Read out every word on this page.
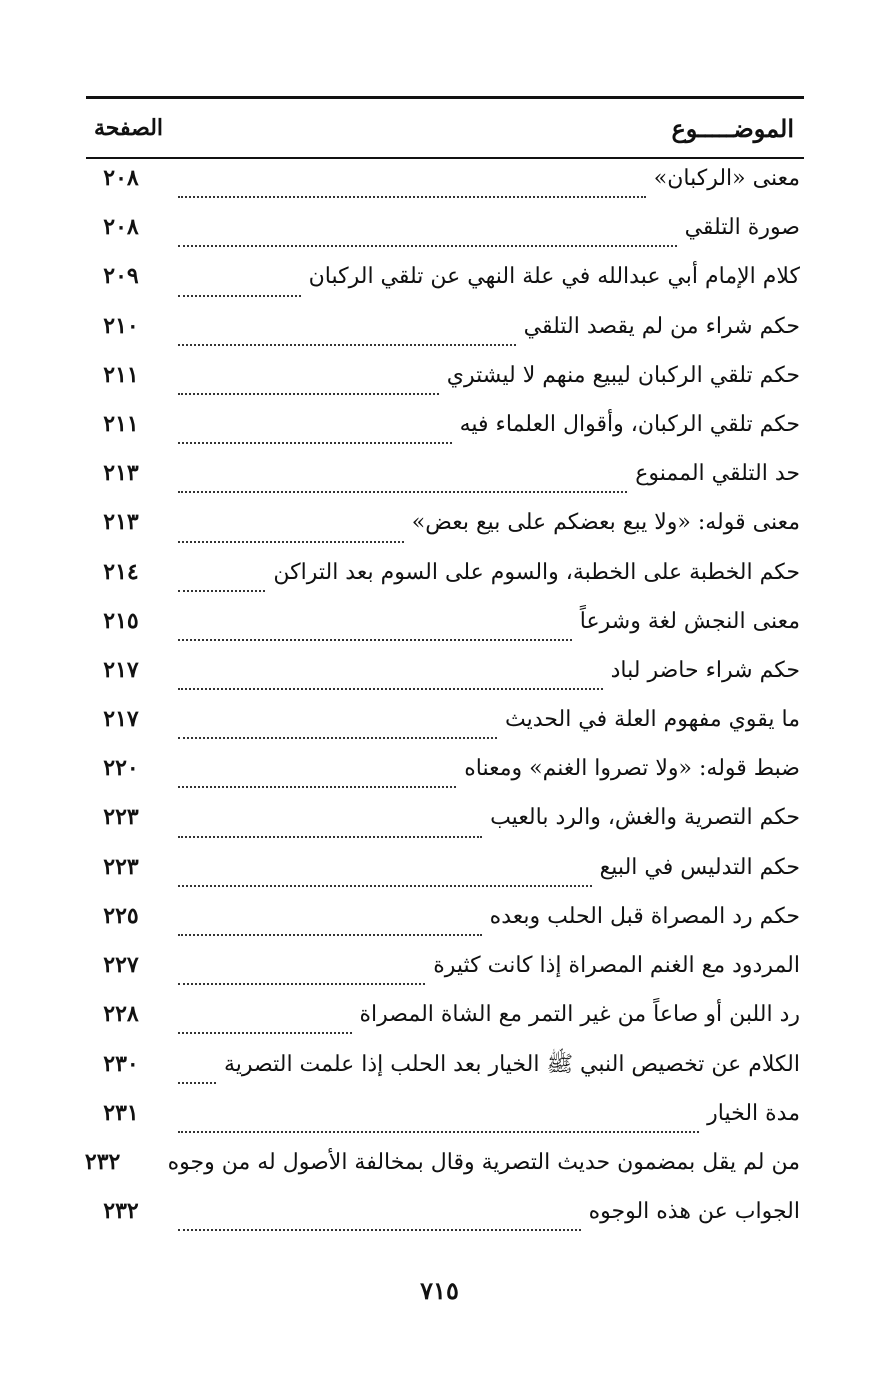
الموضـــــوع
الصفحة
معنى «الركبان»
٢٠٨
صورة التلقي
٢٠٨
كلام الإمام أبي عبدالله في علة النهي عن تلقي الركبان
٢٠٩
حكم شراء من لم يقصد التلقي
٢١٠
حكم تلقي الركبان ليبيع منهم لا ليشتري
٢١١
حكم تلقي الركبان، وأقوال العلماء فيه
٢١١
حد التلقي الممنوع
٢١٣
معنى قوله: «ولا يبع بعضكم على بيع بعض»
٢١٣
حكم الخطبة على الخطبة، والسوم على السوم بعد التراكن
٢١٤
معنى النجش لغة وشرعاً
٢١٥
حكم شراء حاضر لباد
٢١٧
ما يقوي مفهوم العلة في الحديث
٢١٧
ضبط قوله: «ولا تصروا الغنم» ومعناه
٢٢٠
حكم التصرية والغش، والرد بالعيب
٢٢٣
حكم التدليس في البيع
٢٢٣
حكم رد المصراة قبل الحلب وبعده
٢٢٥
المردود مع الغنم المصراة إذا كانت كثيرة
٢٢٧
رد اللبن أو صاعاً من غير التمر مع الشاة المصراة
٢٢٨
الكلام عن تخصيص النبي ﷺ الخيار بعد الحلب إذا علمت التصرية
٢٣٠
مدة الخيار
٢٣١
من لم يقل بمضمون حديث التصرية وقال بمخالفة الأصول له من وجوه
٢٣٢
الجواب عن هذه الوجوه
٢٣٢
٧١٥
